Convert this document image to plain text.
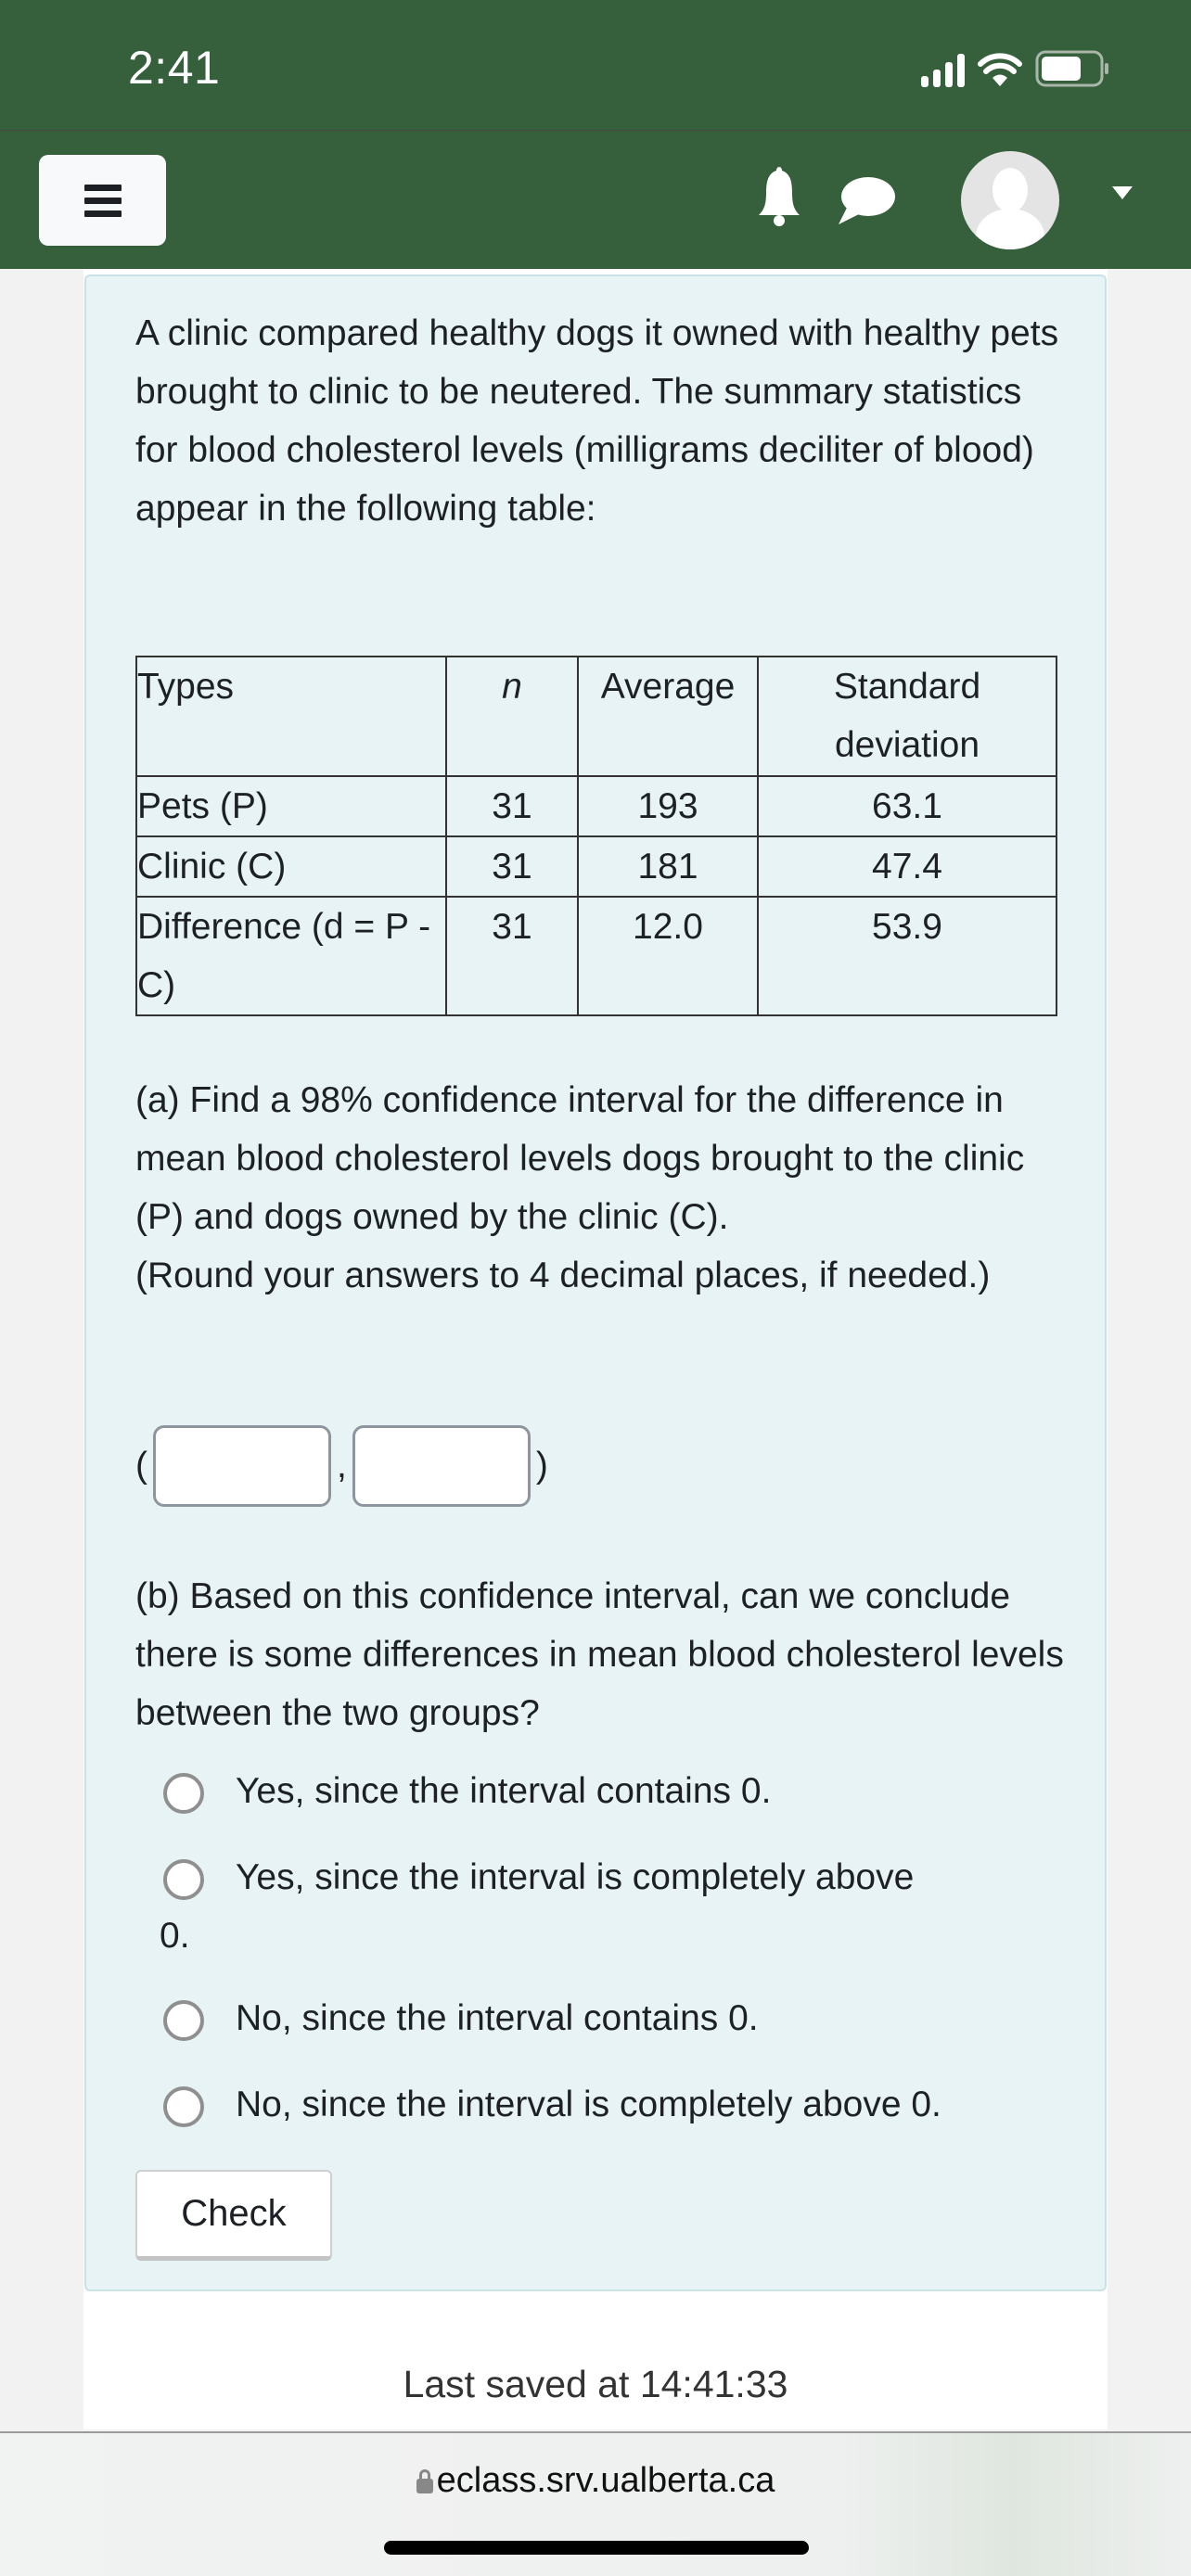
2:41

A clinic compared healthy dogs it owned with healthy pets brought to clinic to be neutered. The summary statistics for blood cholesterol levels (milligrams deciliter of blood) appear in the following table:

Types	n	Average	Standard deviation
Pets (P)	31	193	63.1
Clinic (C)	31	181	47.4
Difference (d = P - C)	31	12.0	53.9

(a) Find a 98% confidence interval for the difference in mean blood cholesterol levels dogs brought to the clinic (P) and dogs owned by the clinic (C).

(Round your answers to 4 decimal places, if needed.)

(	,	)

(b) Based on this confidence interval, can we conclude there is some differences in mean blood cholesterol levels between the two groups?

Yes, since the interval contains 0.
Yes, since the interval is completely above
0.
No, since the interval contains 0.
No, since the interval is completely above 0.
Check
Last saved at 14:41:33
eclass.srv.ualberta.ca
